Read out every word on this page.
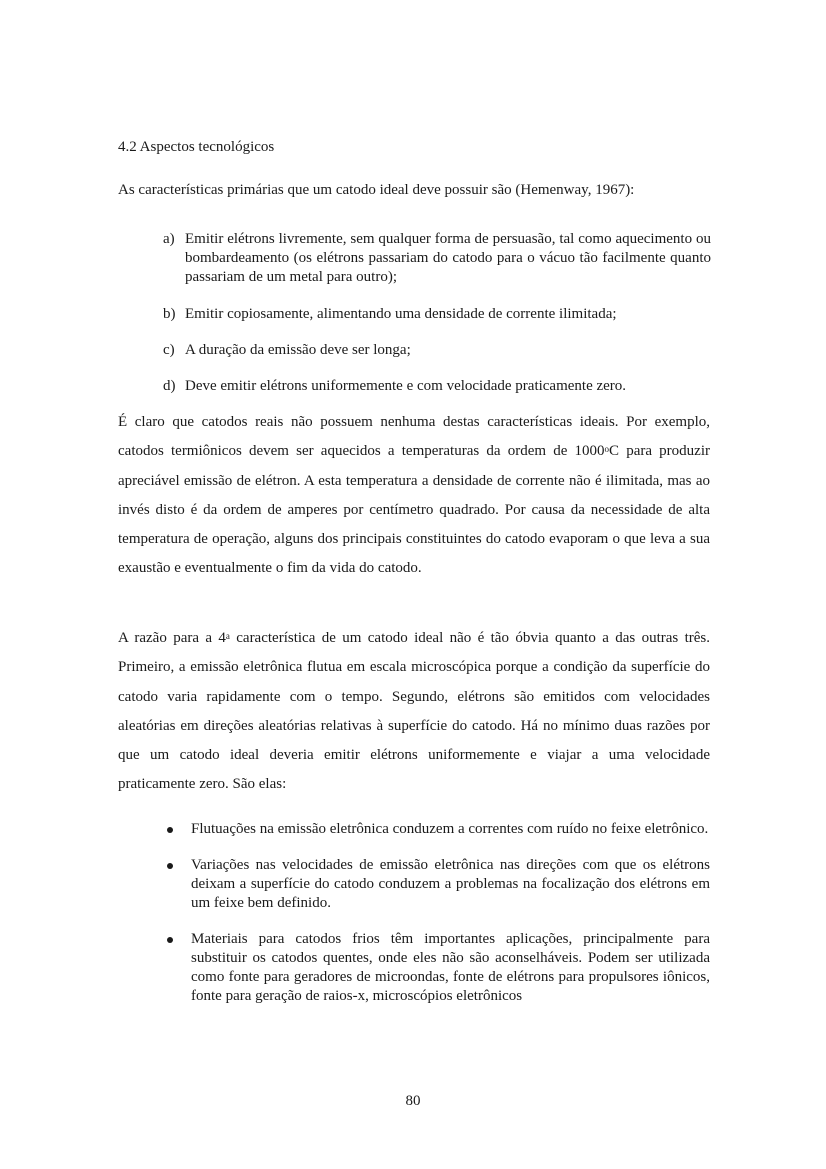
4.2 Aspectos tecnológicos

As características primárias que um catodo ideal deve possuir são (Hemenway, 1967):

a) Emitir elétrons livremente, sem qualquer forma de persuasão, tal como aquecimento ou bombardeamento (os elétrons passariam do catodo para o vácuo tão facilmente quanto passariam de um metal para outro);
b) Emitir copiosamente, alimentando uma densidade de corrente ilimitada;
c) A duração da emissão deve ser longa;
d) Deve emitir elétrons uniformemente e com velocidade praticamente zero.

É claro que catodos reais não possuem nenhuma destas características ideais. Por exemplo, catodos termiônicos devem ser aquecidos a temperaturas da ordem de 1000$^o$C para produzir apreciável emissão de elétron. A esta temperatura a densidade de corrente não é ilimitada, mas ao invés disto é da ordem de amperes por centímetro quadrado. Por causa da necessidade de alta temperatura de operação, alguns dos principais constituintes do catodo evaporam o que leva a sua exaustão e eventualmente o fim da vida do catodo.

A razão para a 4$^a$ característica de um catodo ideal não é tão óbvia quanto a das outras três. Primeiro, a emissão eletrônica flutua em escala microscópica porque a condição da superfície do catodo varia rapidamente com o tempo. Segundo, elétrons são emitidos com velocidades aleatórias em direções aleatórias relativas à superfície do catodo. Há no mínimo duas razões por que um catodo ideal deveria emitir elétrons uniformemente e viajar a uma velocidade praticamente zero. São elas:

Flutuações na emissão eletrônica conduzem a correntes com ruído no feixe eletrônico.
Variações nas velocidades de emissão eletrônica nas direções com que os elétrons deixam a superfície do catodo conduzem a problemas na focalização dos elétrons em um feixe bem definido.
Materiais para catodos frios têm importantes aplicações, principalmente para substituir os catodos quentes, onde eles não são aconselháveis. Podem ser utilizada como fonte para geradores de microondas, fonte de elétrons para propulsores iônicos, fonte para geração de raios-x, microscópios eletrônicos

80
